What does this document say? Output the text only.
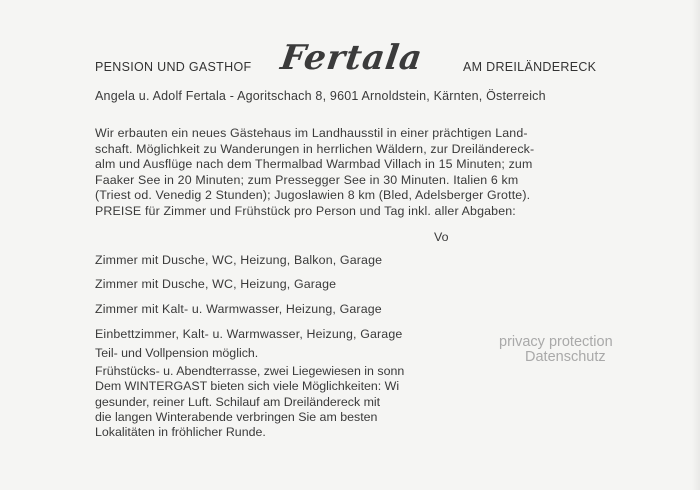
PENSION UND GASTHOF Fertala	AM DREILÄNDERECK
Angela u. Adolf Fertala - Agoritschach 8, 9601 Arnoldstein, Kärnten, Österreich
Wir erbauten ein neues Gästehaus im Landhausstil in einer prächtigen Land-
schaft. Möglichkeit zu Wanderungen in herrlichen Wäldern, zur Dreiländereck-
alm und Ausflüge nach dem Thermalbad Warmbad Villach in 15 Minuten; zum
Faaker See in 20 Minuten; zum Pressegger See in 30 Minuten. Italien 6 km
(Triest od. Venedig 2 Stunden); Jugoslawien 8 km (Bled, Adelsberger Grotte).
PREISE für Zimmer und Frühstück pro Person und Tag inkl. aller Abgaben:
Vo
Zimmer mit Dusche, WC, Heizung, Balkon, Garage
Zimmer mit Dusche, WC, Heizung, Garage
Zimmer mit Kalt- u. Warmwasser, Heizung, Garage
Einbettzimmer, Kalt- u. Warmwasser, Heizung, Garage
Teil- und Vollpension möglich.
Frühstücks- u. Abendterrasse, zwei Liegewiesen in sonn
Dem WINTERGAST bieten sich viele Möglichkeiten: Wi
gesunder, reiner Luft. Schilauf am Dreiländereck mit
die langen Winterabende verbringen Sie am besten
Lokalitäten in fröhlicher Runde.
privacy protection
Datenschutz
